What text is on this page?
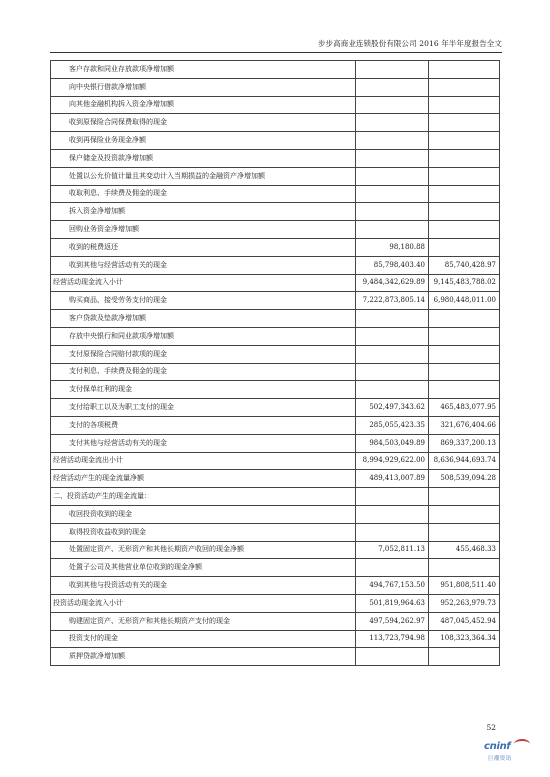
步步高商业连锁股份有限公司 2016 年半年度报告全文
客户存款和同业存放款项净增加额		
向中央银行借款净增加额		
向其他金融机构拆入资金净增加额		
收到原保险合同保费取得的现金		
收到再保险业务现金净额		
保户储金及投资款净增加额		
处置以公允价值计量且其变动计入当期损益的金融资产净增加额		
收取利息、手续费及佣金的现金		
拆入资金净增加额		
回购业务资金净增加额		
收到的税费返还	98,180.88	
收到其他与经营活动有关的现金	85,798,403.40	85,740,428.97
经营活动现金流入小计	9,484,342,629.89	9,145,483,788.02
购买商品、接受劳务支付的现金	7,222,873,805.14	6,980,448,011.00
客户贷款及垫款净增加额		
存放中央银行和同业款项净增加额		
支付原保险合同赔付款项的现金		
支付利息、手续费及佣金的现金		
支付保单红利的现金		
支付给职工以及为职工支付的现金	502,497,343.62	465,483,077.95
支付的各项税费	285,055,423.35	321,676,404.66
支付其他与经营活动有关的现金	984,503,049.89	869,337,200.13
经营活动现金流出小计	8,994,929,622.00	8,636,944,693.74
经营活动产生的现金流量净额	489,413,007.89	508,539,094.28
二、投资活动产生的现金流量：		
收回投资收到的现金		
取得投资收益收到的现金		
处置固定资产、无形资产和其他长期资产收回的现金净额	7,052,811.13	455,468.33
处置子公司及其他营业单位收到的现金净额		
收到其他与投资活动有关的现金	494,767,153.50	951,808,511.40
投资活动现金流入小计	501,819,964.63	952,263,979.73
购建固定资产、无形资产和其他长期资产支付的现金	497,594,262.97	487,045,452.94
投资支付的现金	113,723,794.98	108,323,364.34
质押贷款净增加额		
52
cninf
巨潮资讯
